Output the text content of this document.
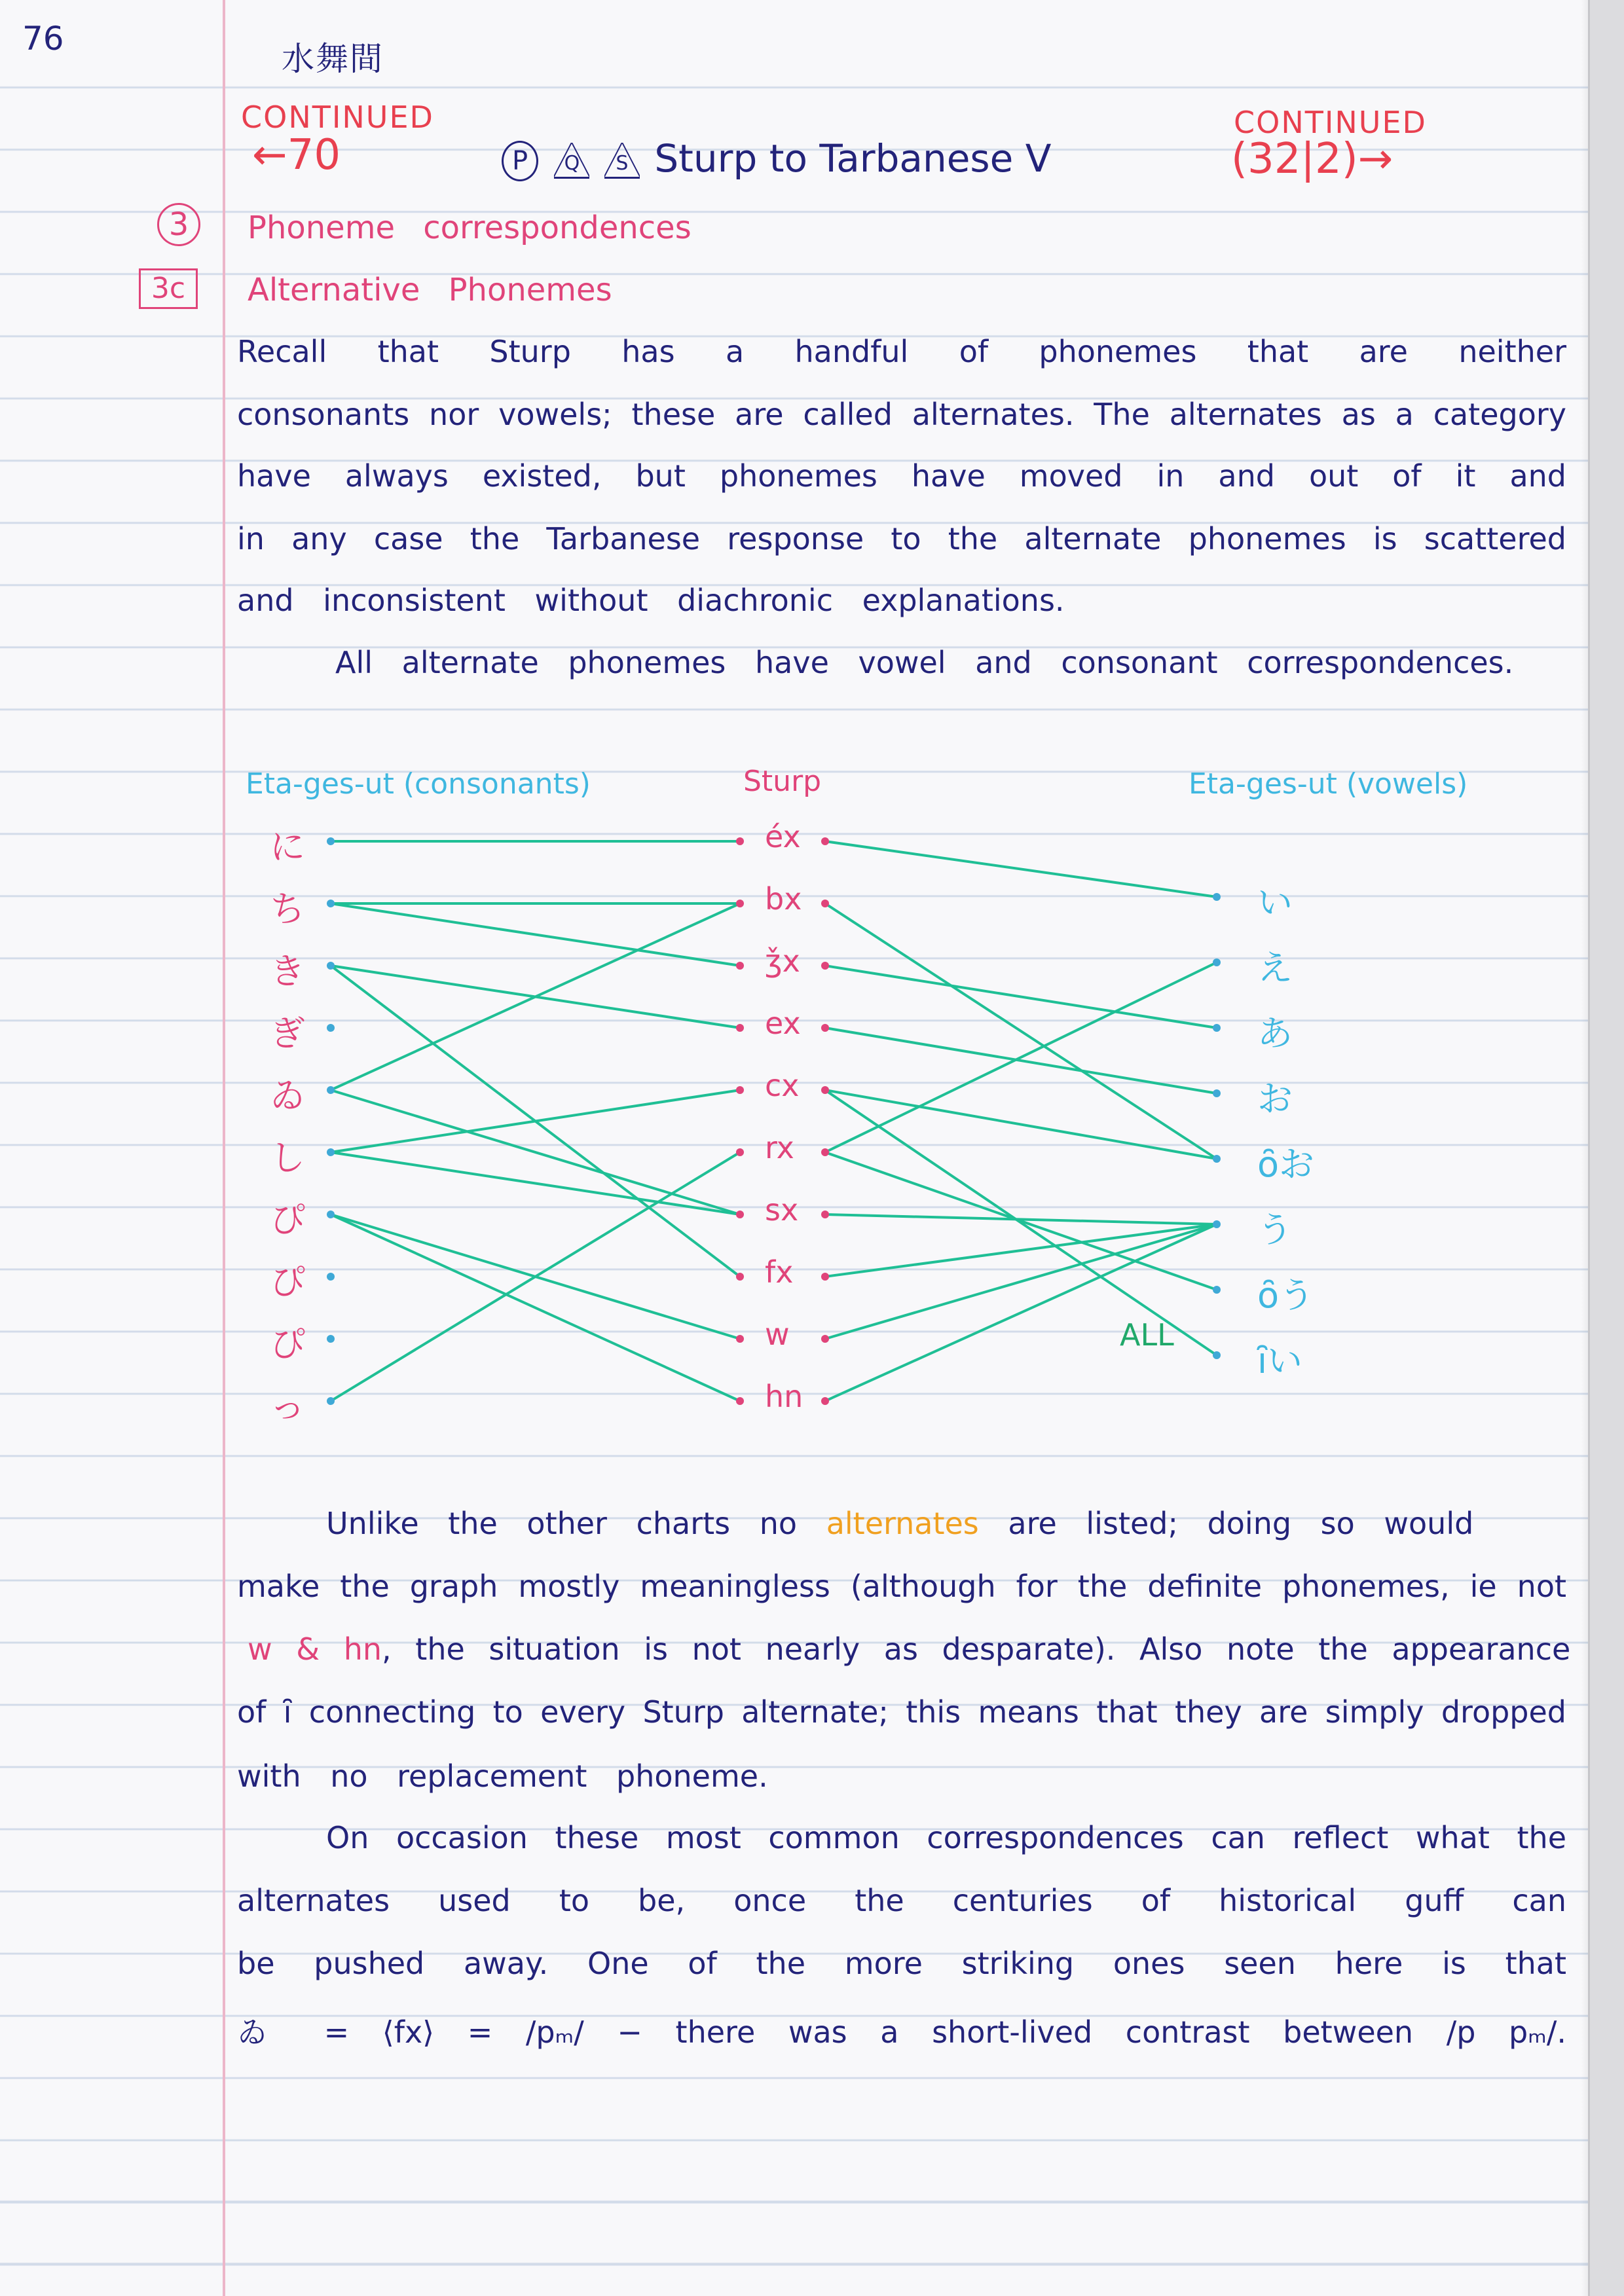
76
水舞間
CONTINUED
←70
CONTINUED
(32|2)→
P Q S Sturp to Tarbanese Ⅴ
3	Phoneme correspondences
3c	Alternative Phonemes
Recall that Sturp has a handful of phonemes that are neither
consonants nor vowels; these are called alternates. The alternates as a category
have always existed, but phonemes have moved in and out of it and
in any case the Tarbanese response to the alternate phonemes is scattered
and inconsistent without diachronic explanations.
All alternate phonemes have vowel and consonant correspondences.
Eta-ges-ut (consonants)	Sturp	Eta-ges-ut (vowels)
に
ち
き
ぎ
ゐ
し
ぴ
ぴ
ぴ
っ
éx
bx
ǯx
ex
cx
rx
sx
fx
w
hn
い
え
あ
お
ȏお
う
ȏう
ȋい
ALL
Unlike the other charts no alternates are listed; doing so would
make the graph mostly meaningless (although for the definite phonemes, ie not
w & hn, the situation is not nearly as desparate). Also note the appearance
of ȋ connecting to every Sturp alternate; this means that they are simply dropped
with no replacement phoneme.
On occasion these most common correspondences can reflect what the
alternates used to be, once the centuries of historical guff can
be pushed away. One of the more striking ones seen here is that
ゐ = ⟨fx⟩ = /pₘ/ − there was a short-lived contrast between /p pₘ/.
